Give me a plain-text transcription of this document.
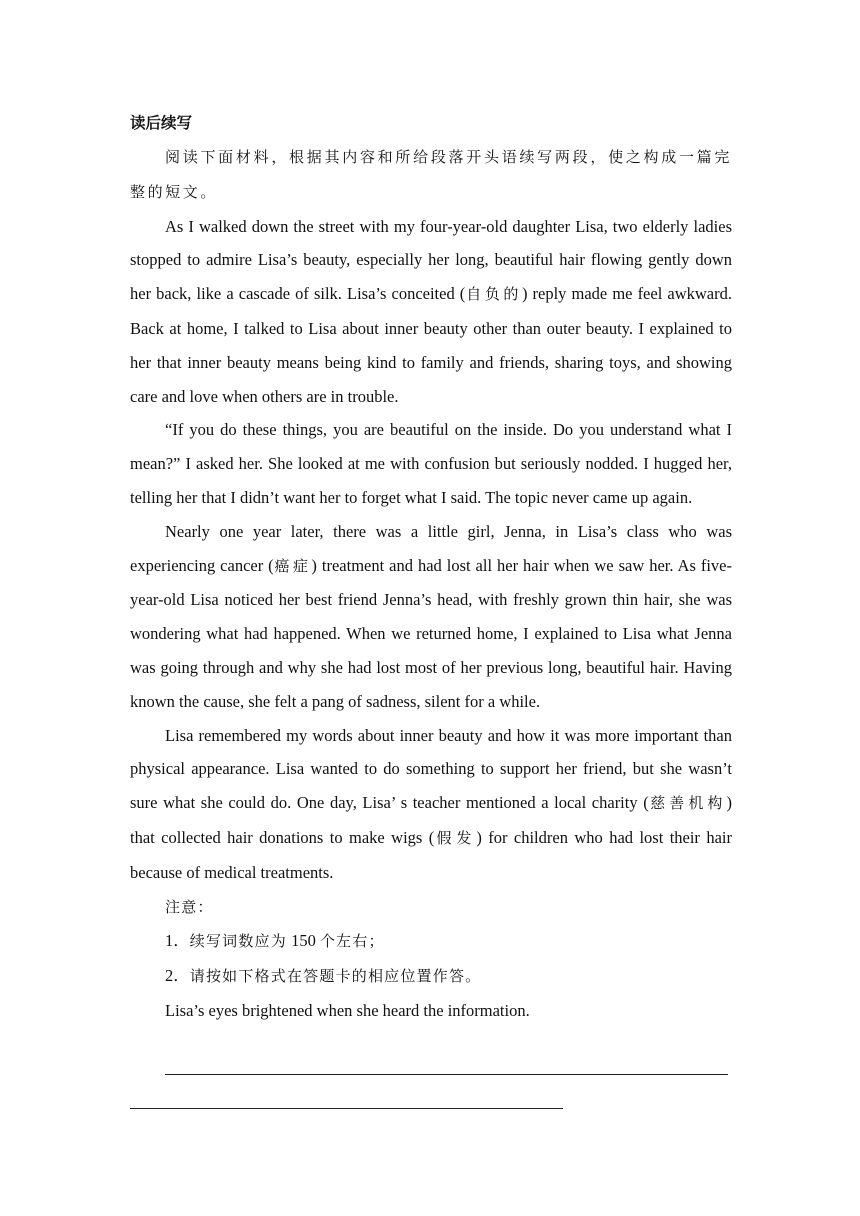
读后续写

阅读下面材料，根据其内容和所给段落开头语续写两段，使之构成一篇完整的短文。

As I walked down the street with my four-year-old daughter Lisa, two elderly ladies stopped to admire Lisa’s beauty, especially her long, beautiful hair flowing gently down her back, like a cascade of silk. Lisa’s conceited (自负的) reply made me feel awkward. Back at home, I talked to Lisa about inner beauty other than outer beauty. I explained to her that inner beauty means being kind to family and friends, sharing toys, and showing care and love when others are in trouble.

“If you do these things, you are beautiful on the inside. Do you understand what I mean?” I asked her. She looked at me with confusion but seriously nodded. I hugged her, telling her that I didn’t want her to forget what I said. The topic never came up again.

Nearly one year later, there was a little girl, Jenna, in Lisa’s class who was experiencing cancer (癌症) treatment and had lost all her hair when we saw her. As five-year-old Lisa noticed her best friend Jenna’s head, with freshly grown thin hair, she was wondering what had happened. When we returned home, I explained to Lisa what Jenna was going through and why she had lost most of her previous long, beautiful hair. Having known the cause, she felt a pang of sadness, silent for a while.

Lisa remembered my words about inner beauty and how it was more important than physical appearance. Lisa wanted to do something to support her friend, but she wasn’t sure what she could do. One day, Lisa’ s teacher mentioned a local charity (慈善机构) that collected hair donations to make wigs (假发) for children who had lost their hair because of medical treatments.

注意：

1．续写词数应为 150 个左右；

2．请按如下格式在答题卡的相应位置作答。

Lisa’s eyes brightened when she heard the information.
